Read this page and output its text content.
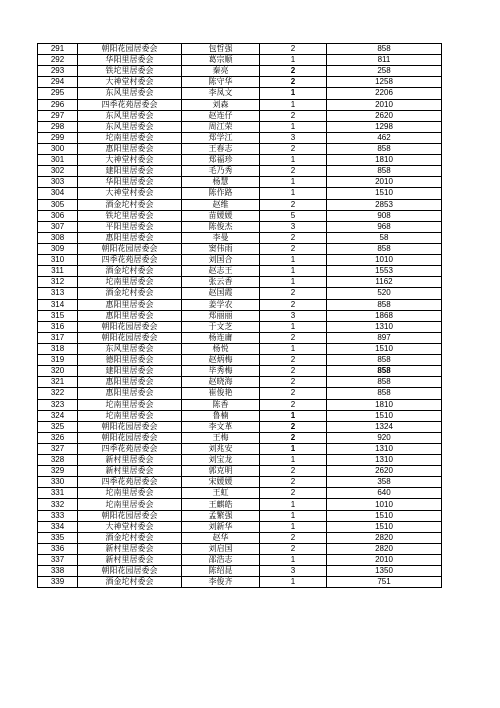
291	朝阳花园居委会	包哲强	2	858
292	华阳里居委会	葛宗顺	1	811
293	铁坨里居委会	秦亮	2	258
294	大神堂村委会	陈守华	2	1258
295	东风里居委会	李凤文	1	2206
296	四季花苑居委会	刘森	1	2010
297	东风里居委会	赵连仔	2	2620
298	东风里居委会	周江荣	1	1298
299	坨南里居委会	郑学江	3	462
300	惠阳里居委会	王春志	2	858
301	大神堂村委会	郑福珍	1	1810
302	建阳里居委会	毛乃秀	2	858
303	华阳里居委会	杨慧	1	2010
304	大神堂村委会	陈作路	1	1510
305	酒金坨村委会	赵维	2	2853
306	铁坨里居委会	苗媛媛	5	908
307	平阳里居委会	陈俊杰	3	968
308	惠阳里居委会	李曼	2	58
309	朝阳花园居委会	窦伟雨	2	858
310	四季花苑居委会	刘国合	1	1010
311	酒金坨村委会	赵志王	1	1553
312	坨南里居委会	张云香	1	1162
313	酒金坨村委会	赵国霞	2	520
314	惠阳里居委会	姜学农	2	858
315	惠阳里居委会	郑丽丽	3	1868
316	朝阳花园居委会	于文芝	1	1310
317	朝阳花园居委会	杨连庸	2	897
318	东风里居委会	杨悦	1	1510
319	德阳里居委会	赵炳梅	2	858
320	建阳里居委会	毕秀梅	2	858
321	惠阳里居委会	赵晓海	2	858
322	惠阳里居委会	崔俊艳	2	858
323	坨南里居委会	陈香	2	1810
324	坨南里居委会	鲁楠	1	1510
325	朝阳花园居委会	李文革	2	1324
326	朝阳花园居委会	王梅	2	920
327	四季花苑居委会	刘兆安	1	1310
328	新村里居委会	刘宝龙	1	1310
329	新村里居委会	郭克明	2	2620
330	四季花苑居委会	宋媛媛	2	358
331	坨南里居委会	王虹	2	640
332	坨南里居委会	王麒皓	1	1010
333	朝阳花园居委会	孟繁强	1	1510
334	大神堂村委会	刘新华	1	1510
335	酒金坨村委会	赵华	2	2820
336	新村里居委会	刘启国	2	2820
337	新村里居委会	邵浩志	1	2010
338	朝阳花园居委会	陈绍昆	3	1350
339	酒金坨村委会	李俊齐	1	751
